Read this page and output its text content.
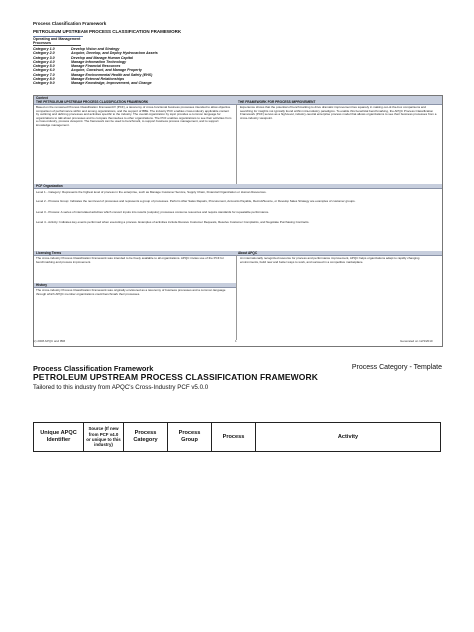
Process Classification Framework
PETROLEUM UPSTREAM PROCESS CLASSIFICATION FRAMEWORK
Operating and Management Processes
Category 1.0	Develop Vision and Strategy
Category 2.0	Acquire, Develop, and Deploy Hydrocarbon Assets
Category 3.0	Develop and Manage Human Capital
Category 4.0	Manage Information Technology
Category 5.0	Manage Financial Resources
Category 6.0	Acquire, Construct, and Manage Property
Category 7.0	Manage Environmental Health and Safety (EHS)
Category 8.0	Manage External Relationships
Category 9.0	Manage Knowledge, Improvement, and Change
Context
THE PETROLEUM UPSTREAM PROCESS CLASSIFICATION FRAMEWORK	THE FRAMEWORK FOR PROCESS IMPROVEMENT
Based on the renowned Process Classification Framework® (PCF), a taxonomy of cross-functional business processes intended to allow objective comparison of performance within and among organizations, and the support of BBE. The industry PCF enables cross-industry applicable content by outlining and defining processes and activities specific to the industry. The overall organization by topic provides a common language for organizations to talk about processes and to compare themselves to other organizations. The PCF enables organizations to see their activities from a cross-industry, process viewpoint. The framework can be used to benchmark, to support business process management, and to support knowledge management.
Experience shows that the potential of benchmarking to drive dramatic improvement lies squarely in making out-of-the-box comparisons and searching for insights not typically found within intra-industry paradigms. To enable this beneficial benchmarking, the APQC Process Classification Framework (PCF) serves as a high-level, industry-neutral enterprise process model that allows organizations to see their business processes from a cross-industry viewpoint.
PCF Organization
Level 1 - Category: Represents the highest level of process in the enterprise, such as Manage Customer Service, Supply Chain, Financial Organization or Human Resources.
Level 2 - Process Group: Indicates the next level of processes and represents a group of processes. Perform After Sales Repairs, Procurement, Accounts Payable, Recruit/Source, or Develop Sales Strategy are examples of customer groups.
Level 3 - Process: A series of interrelated activities which convert inputs into results (outputs); processes consume resources and require standards for repeatable performance.
Level 4 - Activity: Indicates key events performed when executing a process. Examples of activities include Receive Customer Requests, Resolve Customer Complaints, and Negotiate Purchasing Contracts.
Licensing Terms	About APQC
The cross-industry Process Classification Framework was intended to be freely available to all organizations. APQC invites use of the PCF for benchmarking and process improvement.
An internationally recognized resource for process and performance improvement, APQC helps organizations adapt to rapidly changing environments, build new and better ways to work, and succeed in a competitive marketplace.
History
The cross-industry Process Classification Framework was originally envisioned as a taxonomy of business processes and a common language through which APQC member organizations could benchmark their processes.
(c) 2008 APQC and IBM	1	Generated on 12/3/2010
Process Classification Framework	Process Category - Template
PETROLEUM UPSTREAM PROCESS CLASSIFICATION FRAMEWORK
Tailored to this industry from APQC's Cross-Industry PCF v5.0.0
Unique APQC Identifier	Source (If new from PCF v4.0 or unique to this industry)	Process Category	Process Group	Process	Activity
